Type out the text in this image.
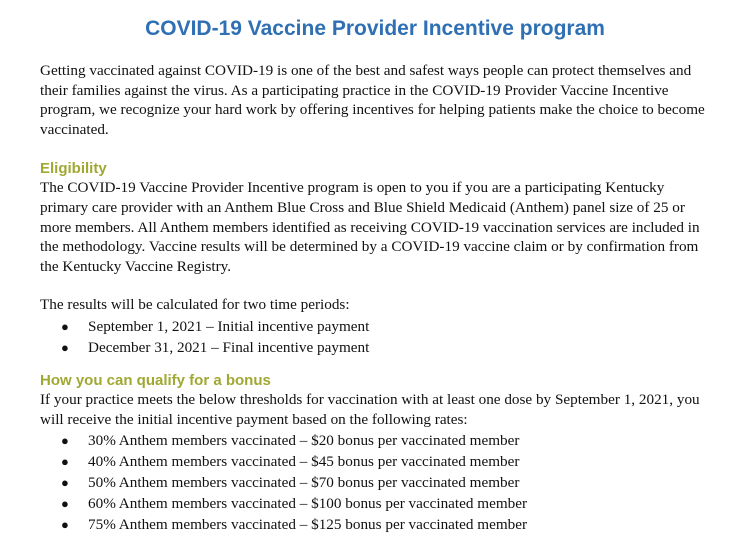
COVID-19 Vaccine Provider Incentive program

Getting vaccinated against COVID-19 is one of the best and safest ways people can protect themselves and their families against the virus. As a participating practice in the COVID-19 Provider Vaccine Incentive program, we recognize your hard work by offering incentives for helping patients make the choice to become vaccinated.

Eligibility

The COVID-19 Vaccine Provider Incentive program is open to you if you are a participating Kentucky primary care provider with an Anthem Blue Cross and Blue Shield Medicaid (Anthem) panel size of 25 or more members. All Anthem members identified as receiving COVID-19 vaccination services are included in the methodology. Vaccine results will be determined by a COVID-19 vaccine claim or by confirmation from the Kentucky Vaccine Registry.

The results will be calculated for two time periods:

● September 1, 2021 – Initial incentive payment
● December 31, 2021 – Final incentive payment
How you can qualify for a bonus

If your practice meets the below thresholds for vaccination with at least one dose by September 1, 2021, you will receive the initial incentive payment based on the following rates:

● 30% Anthem members vaccinated – $20 bonus per vaccinated member
● 40% Anthem members vaccinated – $45 bonus per vaccinated member
● 50% Anthem members vaccinated – $70 bonus per vaccinated member
● 60% Anthem members vaccinated – $100 bonus per vaccinated member
● 75% Anthem members vaccinated – $125 bonus per vaccinated member
